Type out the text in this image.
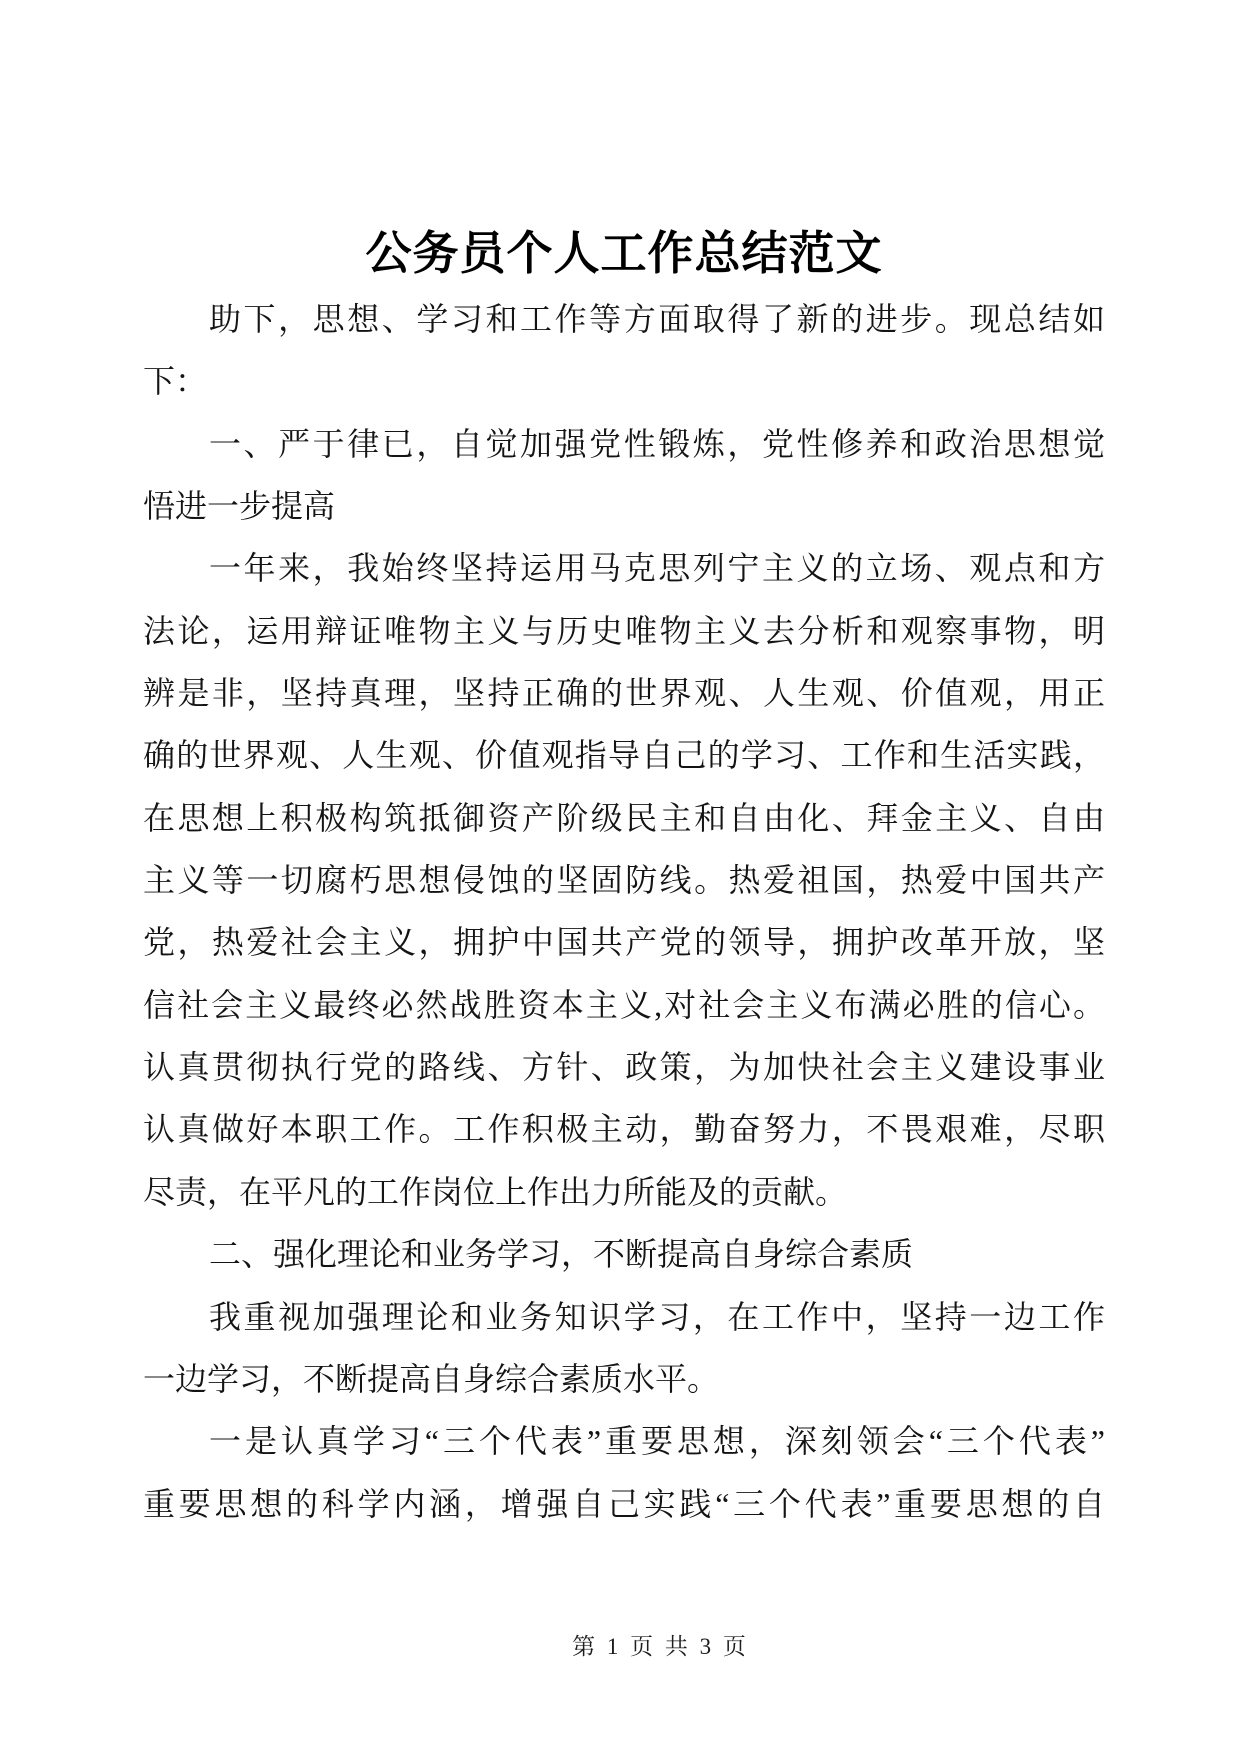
公务员个人工作总结范文
助下，思想、学习和工作等方面取得了新的进步。现总结如
下：
一、严于律已，自觉加强党性锻炼，党性修养和政治思想觉
悟进一步提高
一年来，我始终坚持运用马克思列宁主义的立场、观点和方
法论，运用辩证唯物主义与历史唯物主义去分析和观察事物，明
辨是非，坚持真理，坚持正确的世界观、人生观、价值观，用正
确的世界观、人生观、价值观指导自己的学习、工作和生活实践，
在思想上积极构筑抵御资产阶级民主和自由化、拜金主义、自由
主义等一切腐朽思想侵蚀的坚固防线。热爱祖国，热爱中国共产
党，热爱社会主义，拥护中国共产党的领导，拥护改革开放，坚
信社会主义最终必然战胜资本主义,对社会主义布满必胜的信心。
认真贯彻执行党的路线、方针、政策，为加快社会主义建设事业
认真做好本职工作。工作积极主动，勤奋努力，不畏艰难，尽职
尽责，在平凡的工作岗位上作出力所能及的贡献。
二、强化理论和业务学习，不断提高自身综合素质
我重视加强理论和业务知识学习，在工作中，坚持一边工作
一边学习，不断提高自身综合素质水平。
一是认真学习“三个代表”重要思想，深刻领会“三个代表”
重要思想的科学内涵，增强自己实践“三个代表”重要思想的自
第 1 页 共 3 页
